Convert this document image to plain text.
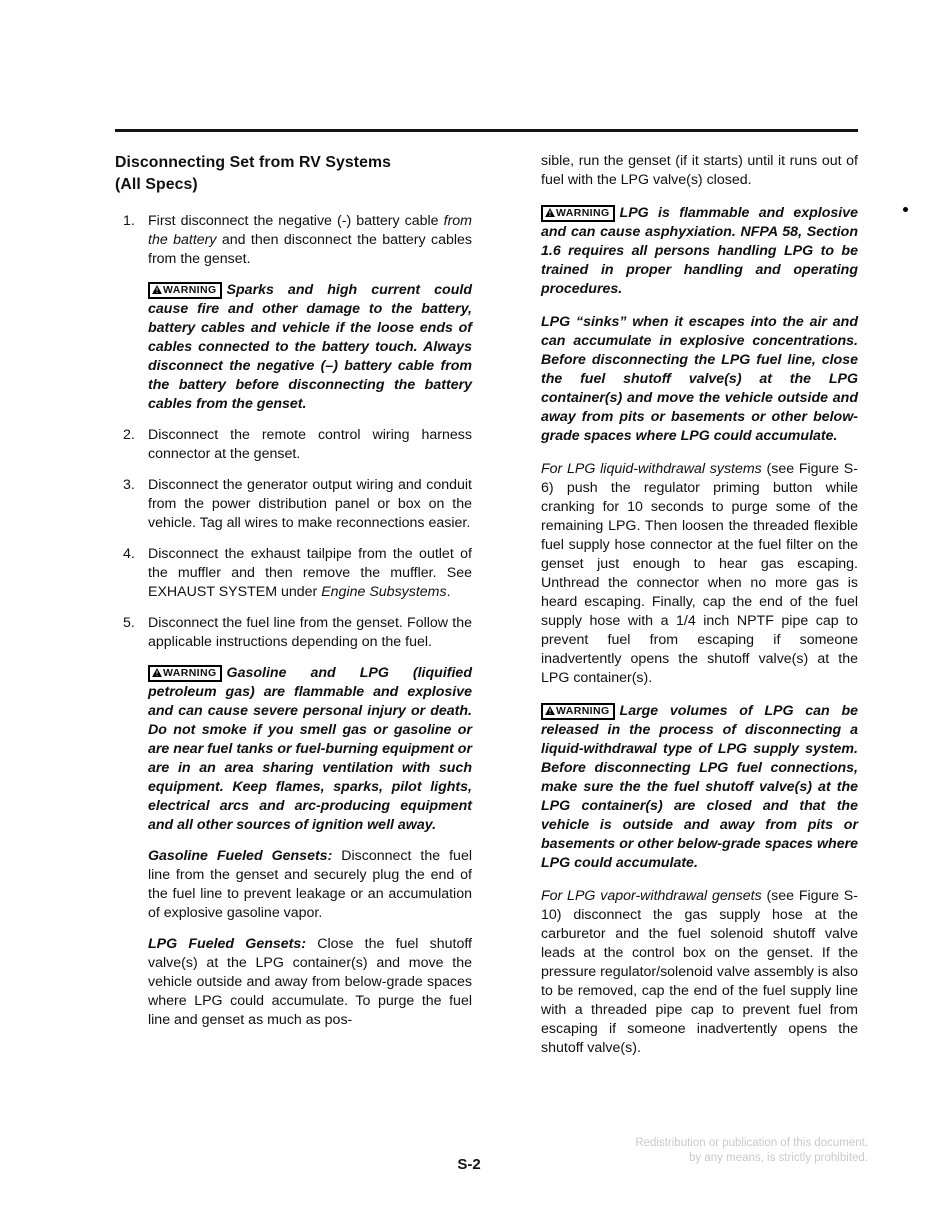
Disconnecting Set from RV Systems
(All Specs)
1. First disconnect the negative (-) battery cable from the battery and then disconnect the battery cables from the genset.

WARNING Sparks and high current could cause fire and other damage to the battery, battery cables and vehicle if the loose ends of cables connected to the battery touch. Always disconnect the negative (–) battery cable from the battery before disconnecting the battery cables from the genset.

2. Disconnect the remote control wiring harness connector at the genset.

3. Disconnect the generator output wiring and conduit from the power distribution panel or box on the vehicle. Tag all wires to make reconnections easier.

4. Disconnect the exhaust tailpipe from the outlet of the muffler and then remove the muffler. See EXHAUST SYSTEM under Engine Subsystems.

5. Disconnect the fuel line from the genset. Follow the applicable instructions depending on the fuel.

WARNING Gasoline and LPG (liquified petroleum gas) are flammable and explosive and can cause severe personal injury or death. Do not smoke if you smell gas or gasoline or are near fuel tanks or fuel-burning equipment or are in an area sharing ventilation with such equipment. Keep flames, sparks, pilot lights, electrical arcs and arc-producing equipment and all other sources of ignition well away.

Gasoline Fueled Gensets: Disconnect the fuel line from the genset and securely plug the end of the fuel line to prevent leakage or an accumulation of explosive gasoline vapor.

LPG Fueled Gensets: Close the fuel shutoff valve(s) at the LPG container(s) and move the vehicle outside and away from below-grade spaces where LPG could accumulate. To purge the fuel line and genset as much as pos-

sible, run the genset (if it starts) until it runs out of fuel with the LPG valve(s) closed.

WARNING LPG is flammable and explosive and can cause asphyxiation. NFPA 58, Section 1.6 requires all persons handling LPG to be trained in proper handling and operating procedures.

LPG “sinks” when it escapes into the air and can accumulate in explosive concentrations. Before disconnecting the LPG fuel line, close the fuel shutoff valve(s) at the LPG container(s) and move the vehicle outside and away from pits or basements or other below-grade spaces where LPG could accumulate.

For LPG liquid-withdrawal systems (see Figure S-6) push the regulator priming button while cranking for 10 seconds to purge some of the remaining LPG. Then loosen the threaded flexible fuel supply hose connector at the fuel filter on the genset just enough to hear gas escaping. Unthread the connector when no more gas is heard escaping. Finally, cap the end of the fuel supply hose with a 1/4 inch NPTF pipe cap to prevent fuel from escaping if someone inadvertently opens the shutoff valve(s) at the LPG container(s).

WARNING Large volumes of LPG can be released in the process of disconnecting a liquid-withdrawal type of LPG supply system. Before disconnecting LPG fuel connections, make sure the the fuel shutoff valve(s) at the LPG container(s) are closed and that the vehicle is outside and away from pits or basements or other below-grade spaces where LPG could accumulate.

For LPG vapor-withdrawal gensets (see Figure S-10) disconnect the gas supply hose at the carburetor and the fuel solenoid shutoff valve leads at the control box on the genset. If the pressure regulator/solenoid valve assembly is also to be removed, cap the end of the fuel supply line with a threaded pipe cap to prevent fuel from escaping if someone inadvertently opens the shutoff valve(s).

Redistribution or publication of this document.
by any means, is strictly prohibited.
S-2
